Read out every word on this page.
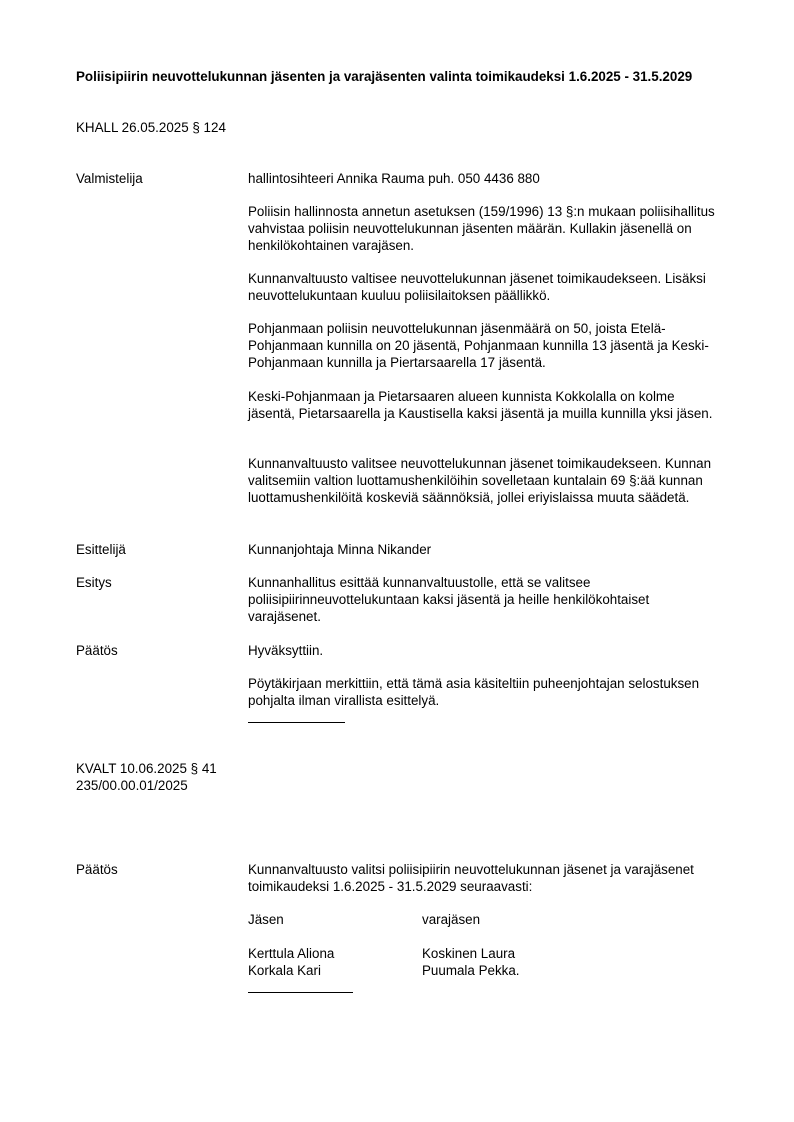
Poliisipiirin neuvottelukunnan jäsenten ja varajäsenten valinta toimikaudeksi 1.6.2025 - 31.5.2029

KHALL 26.05.2025 § 124

Valmistelija	hallintosihteeri Annika Rauma puh. 050 4436 880

Poliisin hallinnosta annetun asetuksen (159/1996) 13 §:n mukaan poliisihallitus vahvistaa poliisin neuvottelukunnan jäsenten määrän. Kullakin jäsenellä on henkilökohtainen varajäsen.

Kunnanvaltuusto valtisee neuvottelukunnan jäsenet toimikaudekseen. Lisäksi neuvottelukuntaan kuuluu poliisilaitoksen päällikkö.

Pohjanmaan poliisin neuvottelukunnan jäsenmäärä on 50, joista Etelä-Pohjanmaan kunnilla on 20 jäsentä, Pohjanmaan kunnilla 13 jäsentä ja Keski-Pohjanmaan kunnilla ja Piertarsaarella 17 jäsentä.

Keski-Pohjanmaan ja Pietarsaaren alueen kunnista Kokkolalla on kolme jäsentä, Pietarsaarella ja Kaustisella kaksi jäsentä ja muilla kunnilla yksi jäsen.

Kunnanvaltuusto valitsee neuvottelukunnan jäsenet toimikaudekseen. Kunnan valitsemiin valtion luottamushenkilöihin sovelletaan kuntalain 69 §:ää kunnan luottamushenkilöitä koskeviä säännöksiä, jollei eriyislaissa muuta säädetä.

Esittelijä	Kunnanjohtaja Minna Nikander

Esitys	Kunnanhallitus esittää kunnanvaltuustolle, että se valitsee poliisipiirinneuvottelukuntaan kaksi jäsentä ja heille henkilökohtaiset varajäsenet.

Päätös	Hyväksyttiin.

Pöytäkirjaan merkittiin, että tämä asia käsiteltiin puheenjohtajan selostuksen pohjalta ilman virallista esittelyä.

KVALT 10.06.2025 § 41

235/00.00.01/2025

Päätös	Kunnanvaltuusto valitsi poliisipiirin neuvottelukunnan jäsenet ja varajäsenet toimikaudeksi 1.6.2025 - 31.5.2029 seuraavasti:

Jäsen	varajäsen

Kerttula Aliona	Koskinen Laura

Korkala Kari	Puumala Pekka.
